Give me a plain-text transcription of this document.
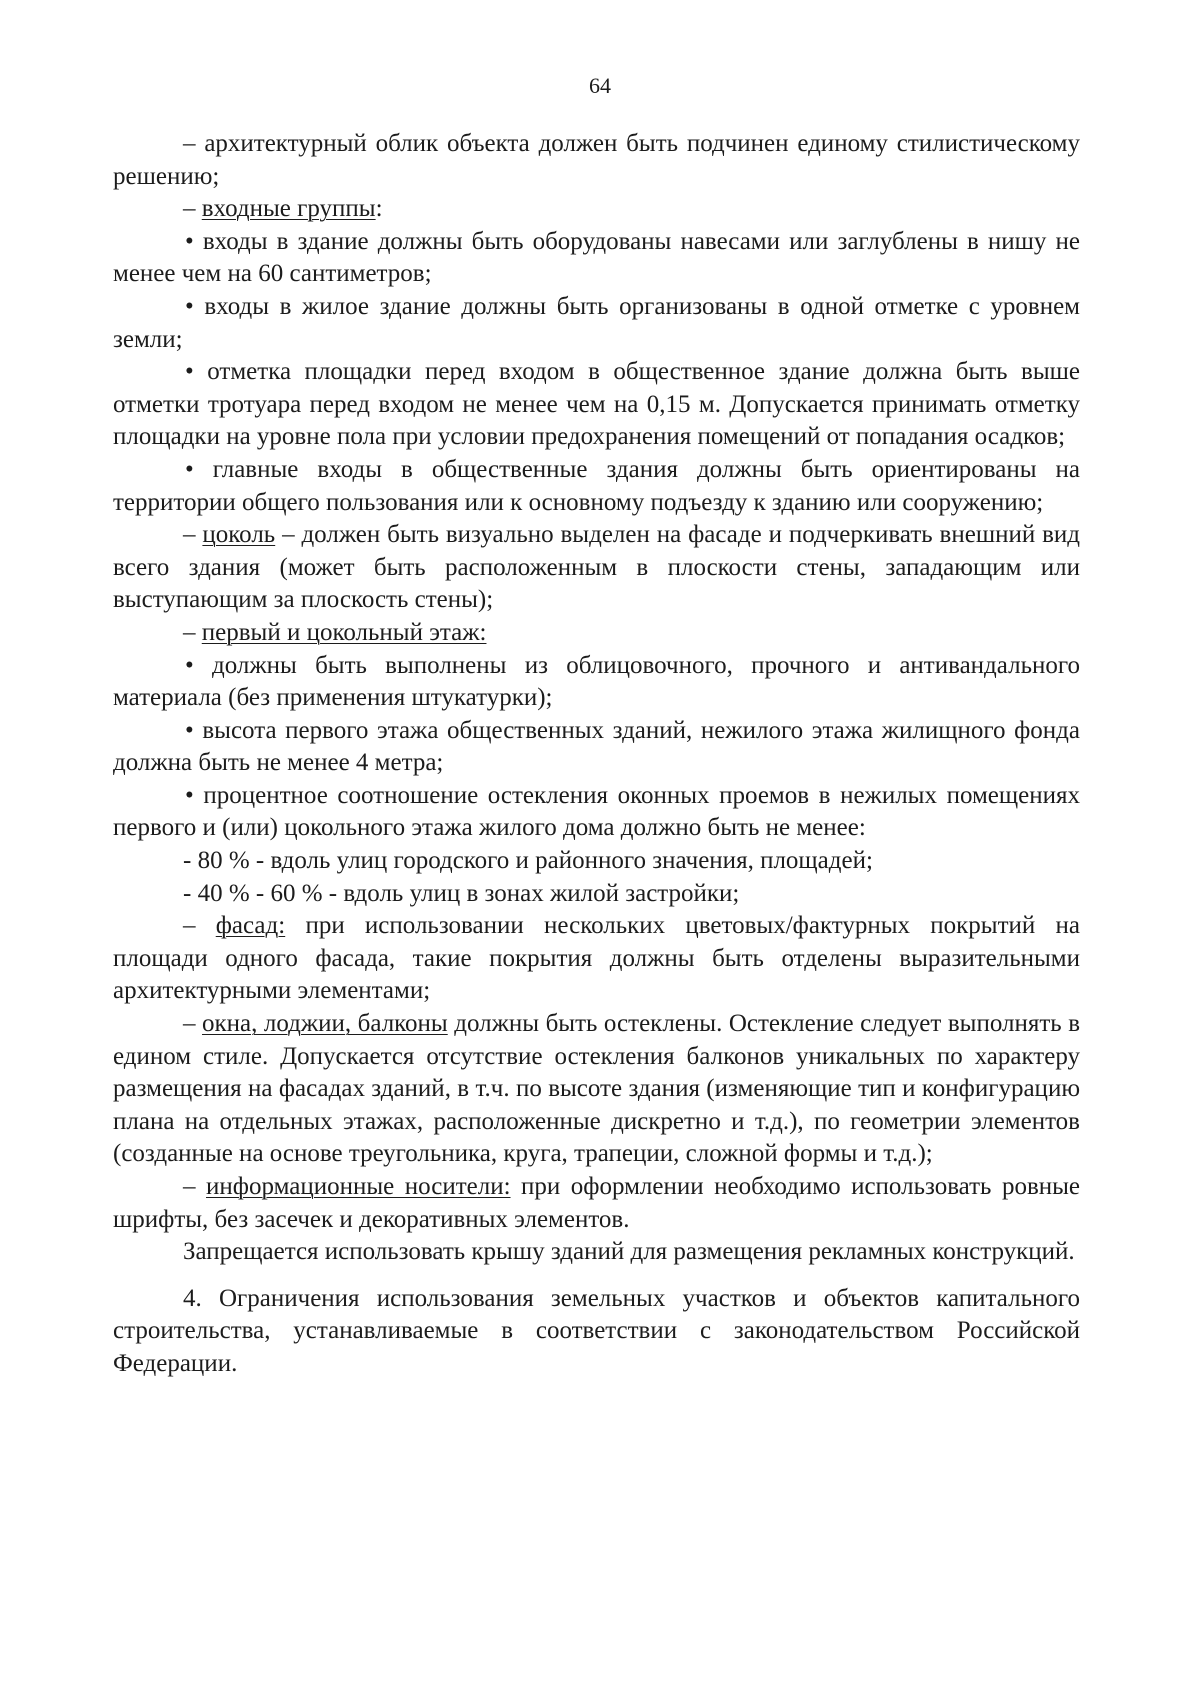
64

– архитектурный облик объекта должен быть подчинен единому стилистическому решению;

– входные группы:

• входы в здание должны быть оборудованы навесами или заглублены в нишу не менее чем на 60 сантиметров;

• входы в жилое здание должны быть организованы в одной отметке с уровнем земли;

• отметка площадки перед входом в общественное здание должна быть выше отметки тротуара перед входом не менее чем на 0,15 м. Допускается принимать отметку площадки на уровне пола при условии предохранения помещений от попадания осадков;

• главные входы в общественные здания должны быть ориентированы на территории общего пользования или к основному подъезду к зданию или сооружению;

– цоколь – должен быть визуально выделен на фасаде и подчеркивать внешний вид всего здания (может быть расположенным в плоскости стены, западающим или выступающим за плоскость стены);

– первый и цокольный этаж:

• должны быть выполнены из облицовочного, прочного и антивандального материала (без применения штукатурки);

• высота первого этажа общественных зданий, нежилого этажа жилищного фонда должна быть не менее 4 метра;

• процентное соотношение остекления оконных проемов в нежилых помещениях первого и (или) цокольного этажа жилого дома должно быть не менее:

- 80 % - вдоль улиц городского и районного значения, площадей;

- 40 % - 60 % - вдоль улиц в зонах жилой застройки;

– фасад: при использовании нескольких цветовых/фактурных покрытий на площади одного фасада, такие покрытия должны быть отделены выразительными архитектурными элементами;

– окна, лоджии, балконы должны быть остеклены. Остекление следует выполнять в едином стиле. Допускается отсутствие остекления балконов уникальных по характеру размещения на фасадах зданий, в т.ч. по высоте здания (изменяющие тип и конфигурацию плана на отдельных этажах, расположенные дискретно и т.д.), по геометрии элементов (созданные на основе треугольника, круга, трапеции, сложной формы и т.д.);

– информационные носители: при оформлении необходимо использовать ровные шрифты, без засечек и декоративных элементов.

Запрещается использовать крышу зданий для размещения рекламных конструкций.

4. Ограничения использования земельных участков и объектов капитального строительства, устанавливаемые в соответствии с законодательством Российской Федерации.
